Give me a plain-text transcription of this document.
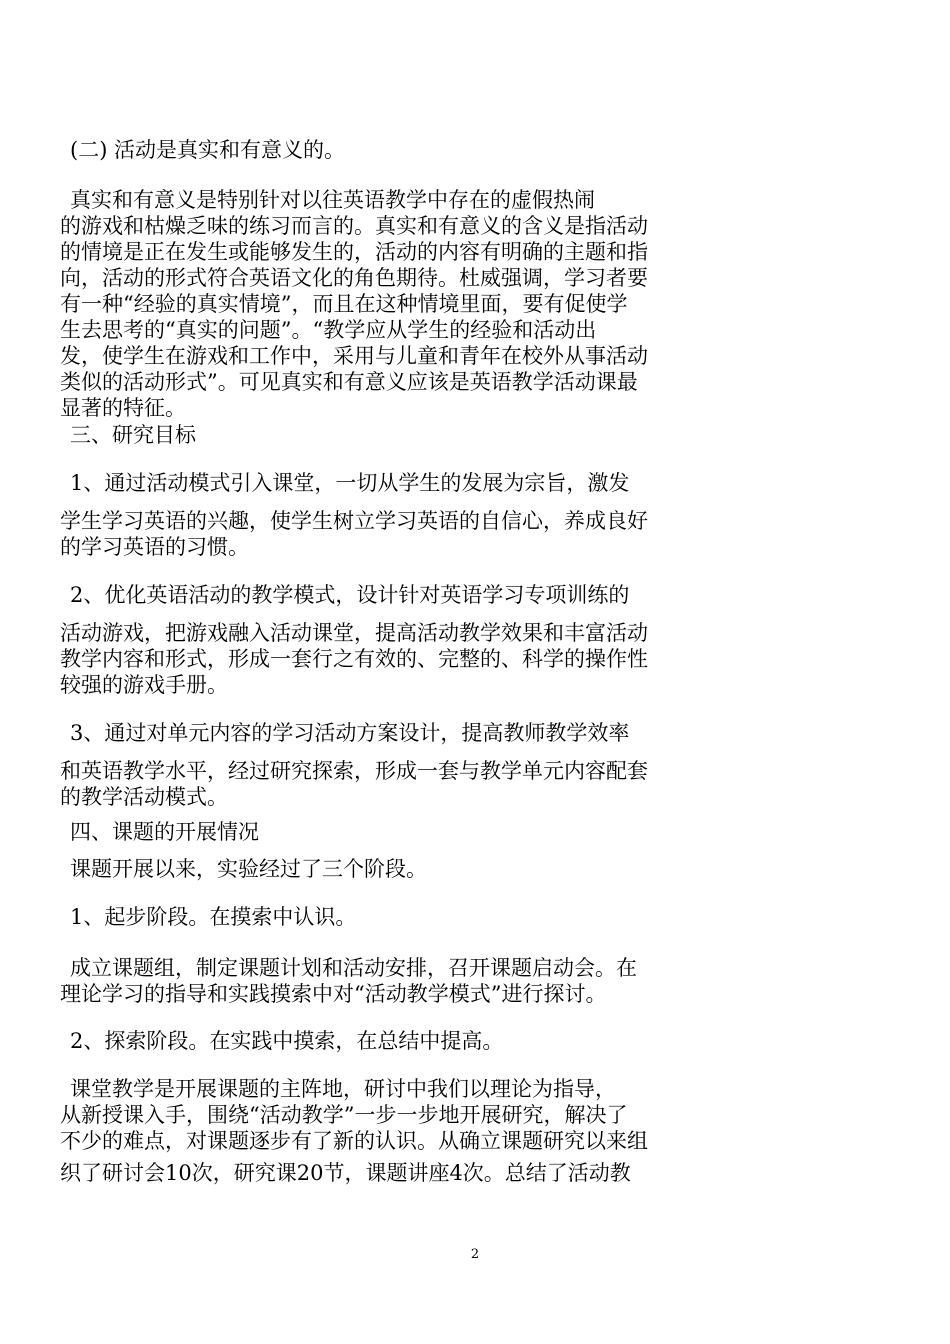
(二) 活动是真实和有意义的。
真实和有意义是特别针对以往英语教学中存在的虚假热闹
的游戏和枯燥乏味的练习而言的。真实和有意义的含义是指活动
的情境是正在发生或能够发生的，活动的内容有明确的主题和指
向，活动的形式符合英语文化的角色期待。杜威强调，学习者要
有一种“经验的真实情境”，而且在这种情境里面，要有促使学
生去思考的“真实的问题”。“教学应从学生的经验和活动出
发，使学生在游戏和工作中，采用与儿童和青年在校外从事活动
类似的活动形式”。可见真实和有意义应该是英语教学活动课最
显著的特征。
三、研究目标
1、通过活动模式引入课堂，一切从学生的发展为宗旨，激发
学生学习英语的兴趣，使学生树立学习英语的自信心，养成良好
的学习英语的习惯。
2、优化英语活动的教学模式，设计针对英语学习专项训练的
活动游戏，把游戏融入活动课堂，提高活动教学效果和丰富活动
教学内容和形式，形成一套行之有效的、完整的、科学的操作性
较强的游戏手册。
3、通过对单元内容的学习活动方案设计，提高教师教学效率
和英语教学水平，经过研究探索，形成一套与教学单元内容配套
的教学活动模式。
四、课题的开展情况
课题开展以来，实验经过了三个阶段。
1、起步阶段。在摸索中认识。
成立课题组，制定课题计划和活动安排，召开课题启动会。在
理论学习的指导和实践摸索中对“活动教学模式”进行探讨。
2、探索阶段。在实践中摸索，在总结中提高。
课堂教学是开展课题的主阵地，研讨中我们以理论为指导，
从新授课入手，围绕“活动教学”一步一步地开展研究，解决了
不少的难点，对课题逐步有了新的认识。从确立课题研究以来组
织了研讨会10次，研究课20节，课题讲座4次。总结了活动教
2
